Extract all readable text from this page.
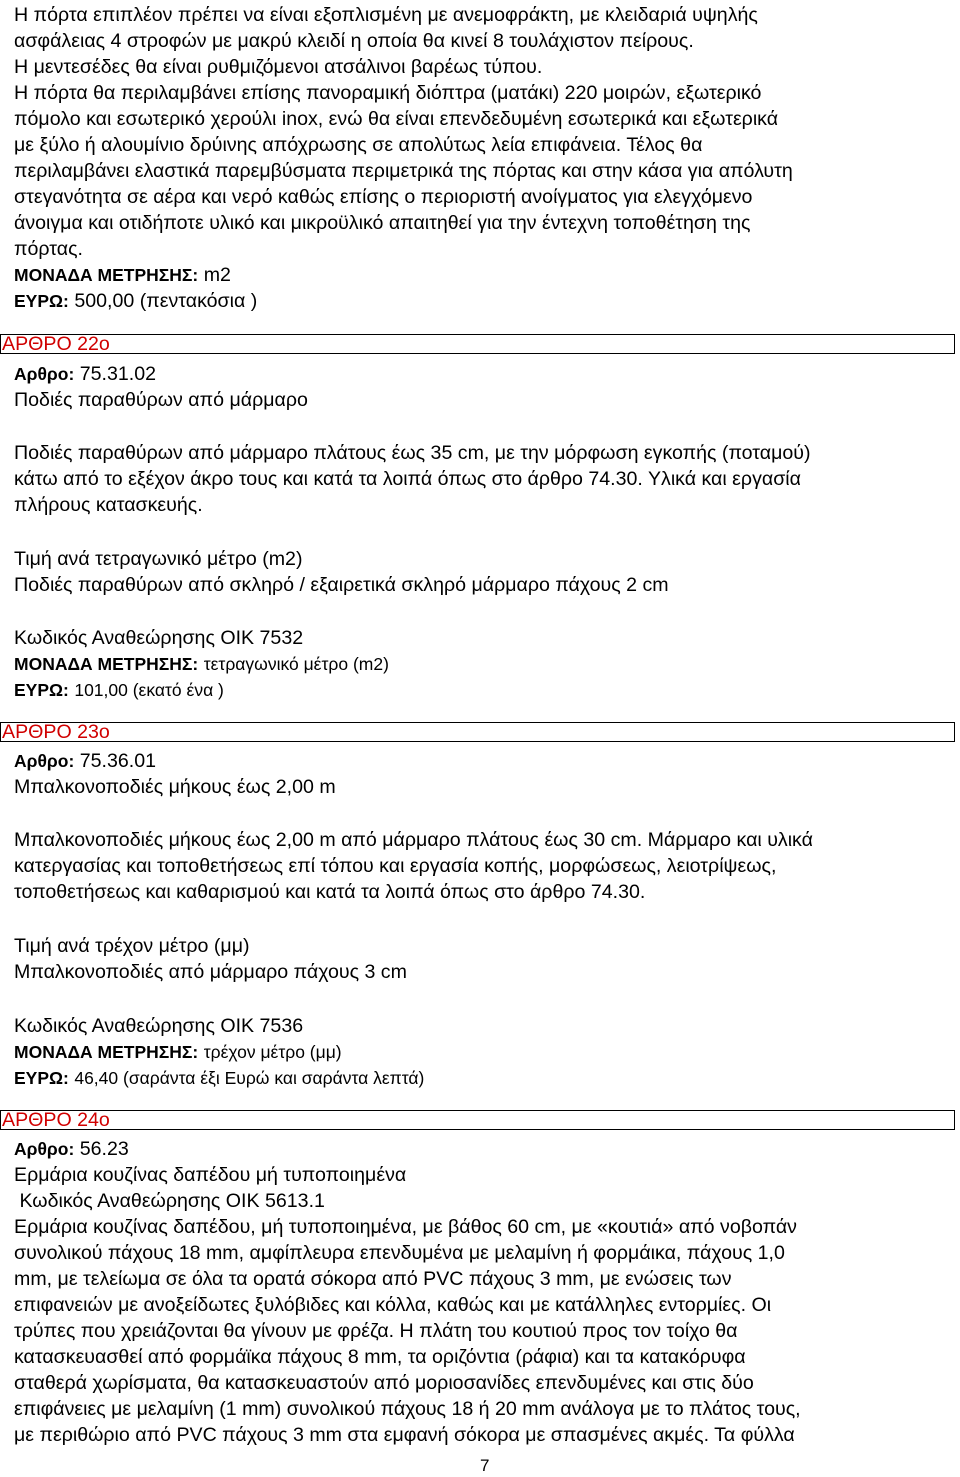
Η πόρτα επιπλέον πρέπει να είναι εξοπλισμένη με ανεμοφράκτη, με κλειδαριά υψηλής
ασφάλειας 4 στροφών με μακρύ κλειδί η οποία θα κινεί 8 τουλάχιστον πείρους.
Η μεντεσέδες θα είναι ρυθμιζόμενοι ατσάλινοι βαρέως τύπου.
Η πόρτα θα περιλαμβάνει επίσης πανοραμική διόπτρα (ματάκι) 220 μοιρών, εξωτερικό
πόμολο και εσωτερικό χερούλι inox, ενώ θα είναι επενδεδυμένη εσωτερικά και εξωτερικά
με ξύλο ή αλουμίνιο δρύινης απόχρωσης σε απολύτως λεία επιφάνεια. Τέλος θα
περιλαμβάνει ελαστικά παρεμβύσματα περιμετρικά της πόρτας και στην κάσα για απόλυτη
στεγανότητα σε αέρα και νερό καθώς επίσης ο περιοριστή ανοίγματος για ελεγχόμενο
άνοιγμα και οτιδήποτε υλικό και μικροϋλικό απαιτηθεί για την έντεχνη τοποθέτηση της
πόρτας.
ΜΟΝΑΔΑ ΜΕΤΡΗΣΗΣ: m2
ΕΥΡΩ: 500,00 (πεντακόσια )
ΑΡΘΡΟ 22ο
Αρθρο: 75.31.02
Ποδιές παραθύρων από μάρμαρο
Ποδιές παραθύρων από μάρμαρο πλάτους έως 35 cm, με την μόρφωση εγκοπής (ποταμού)
κάτω από το εξέχον άκρο τους και κατά τα λοιπά όπως στο άρθρο 74.30. Υλικά και εργασία
πλήρους κατασκευής.
Τιμή ανά τετραγωνικό μέτρο (m2)
Ποδιές παραθύρων από σκληρό / εξαιρετικά σκληρό μάρμαρο πάχους 2 cm
Κωδικός Αναθεώρησης ΟΙΚ 7532
ΜΟΝΑΔΑ ΜΕΤΡΗΣΗΣ: τετραγωνικό μέτρο (m2)
ΕΥΡΩ: 101,00 (εκατό ένα )
ΑΡΘΡΟ 23ο
Αρθρο: 75.36.01
Μπαλκονοποδιές μήκους έως 2,00 m
Μπαλκονοποδιές μήκους έως 2,00 m από μάρμαρο πλάτους έως 30 cm. Μάρμαρο και υλικά
κατεργασίας και τοποθετήσεως επί τόπου και εργασία κοπής, μορφώσεως, λειοτρίψεως,
τοποθετήσεως και καθαρισμού και κατά τα λοιπά όπως στο άρθρο 74.30.
Τιμή ανά τρέχον μέτρο (μμ)
Μπαλκονοποδιές από μάρμαρο πάχους 3 cm
Κωδικός Αναθεώρησης ΟΙΚ 7536
ΜΟΝΑΔΑ ΜΕΤΡΗΣΗΣ: τρέχον μέτρο (μμ)
ΕΥΡΩ: 46,40 (σαράντα έξι Ευρώ και σαράντα λεπτά)
ΑΡΘΡΟ 24ο
Αρθρο: 56.23
Ερμάρια κουζίνας δαπέδου μή τυποποιημένα
Κωδικός Αναθεώρησης ΟΙΚ 5613.1
Ερμάρια κουζίνας δαπέδου, μή τυποποιημένα, με βάθος 60 cm, με «κουτιά» από νοβοπάν
συνολικού πάχους 18 mm, αμφίπλευρα επενδυμένα με μελαμίνη ή φορμάικα, πάχους 1,0
mm, με τελείωμα σε όλα τα ορατά σόκορα από PVC πάχους 3 mm, με ενώσεις των
επιφανειών με ανοξείδωτες ξυλόβιδες και κόλλα, καθώς και με κατάλληλες εντορμίες. Οι
τρύπες που χρειάζονται θα γίνουν με φρέζα. Η πλάτη του κουτιού προς τον τοίχο θα
κατασκευασθεί από φορμάϊκα πάχους 8 mm, τα οριζόντια (ράφια) και τα κατακόρυφα
σταθερά χωρίσματα, θα κατασκευαστούν από μοριοσανίδες επενδυμένες και στις δύο
επιφάνειες με μελαμίνη (1 mm) συνολικού πάχους 18 ή 20 mm ανάλογα με το πλάτος τους,
με περιθώριο από PVC πάχους 3 mm στα εμφανή σόκορα με σπασμένες ακμές. Τα φύλλα
7
